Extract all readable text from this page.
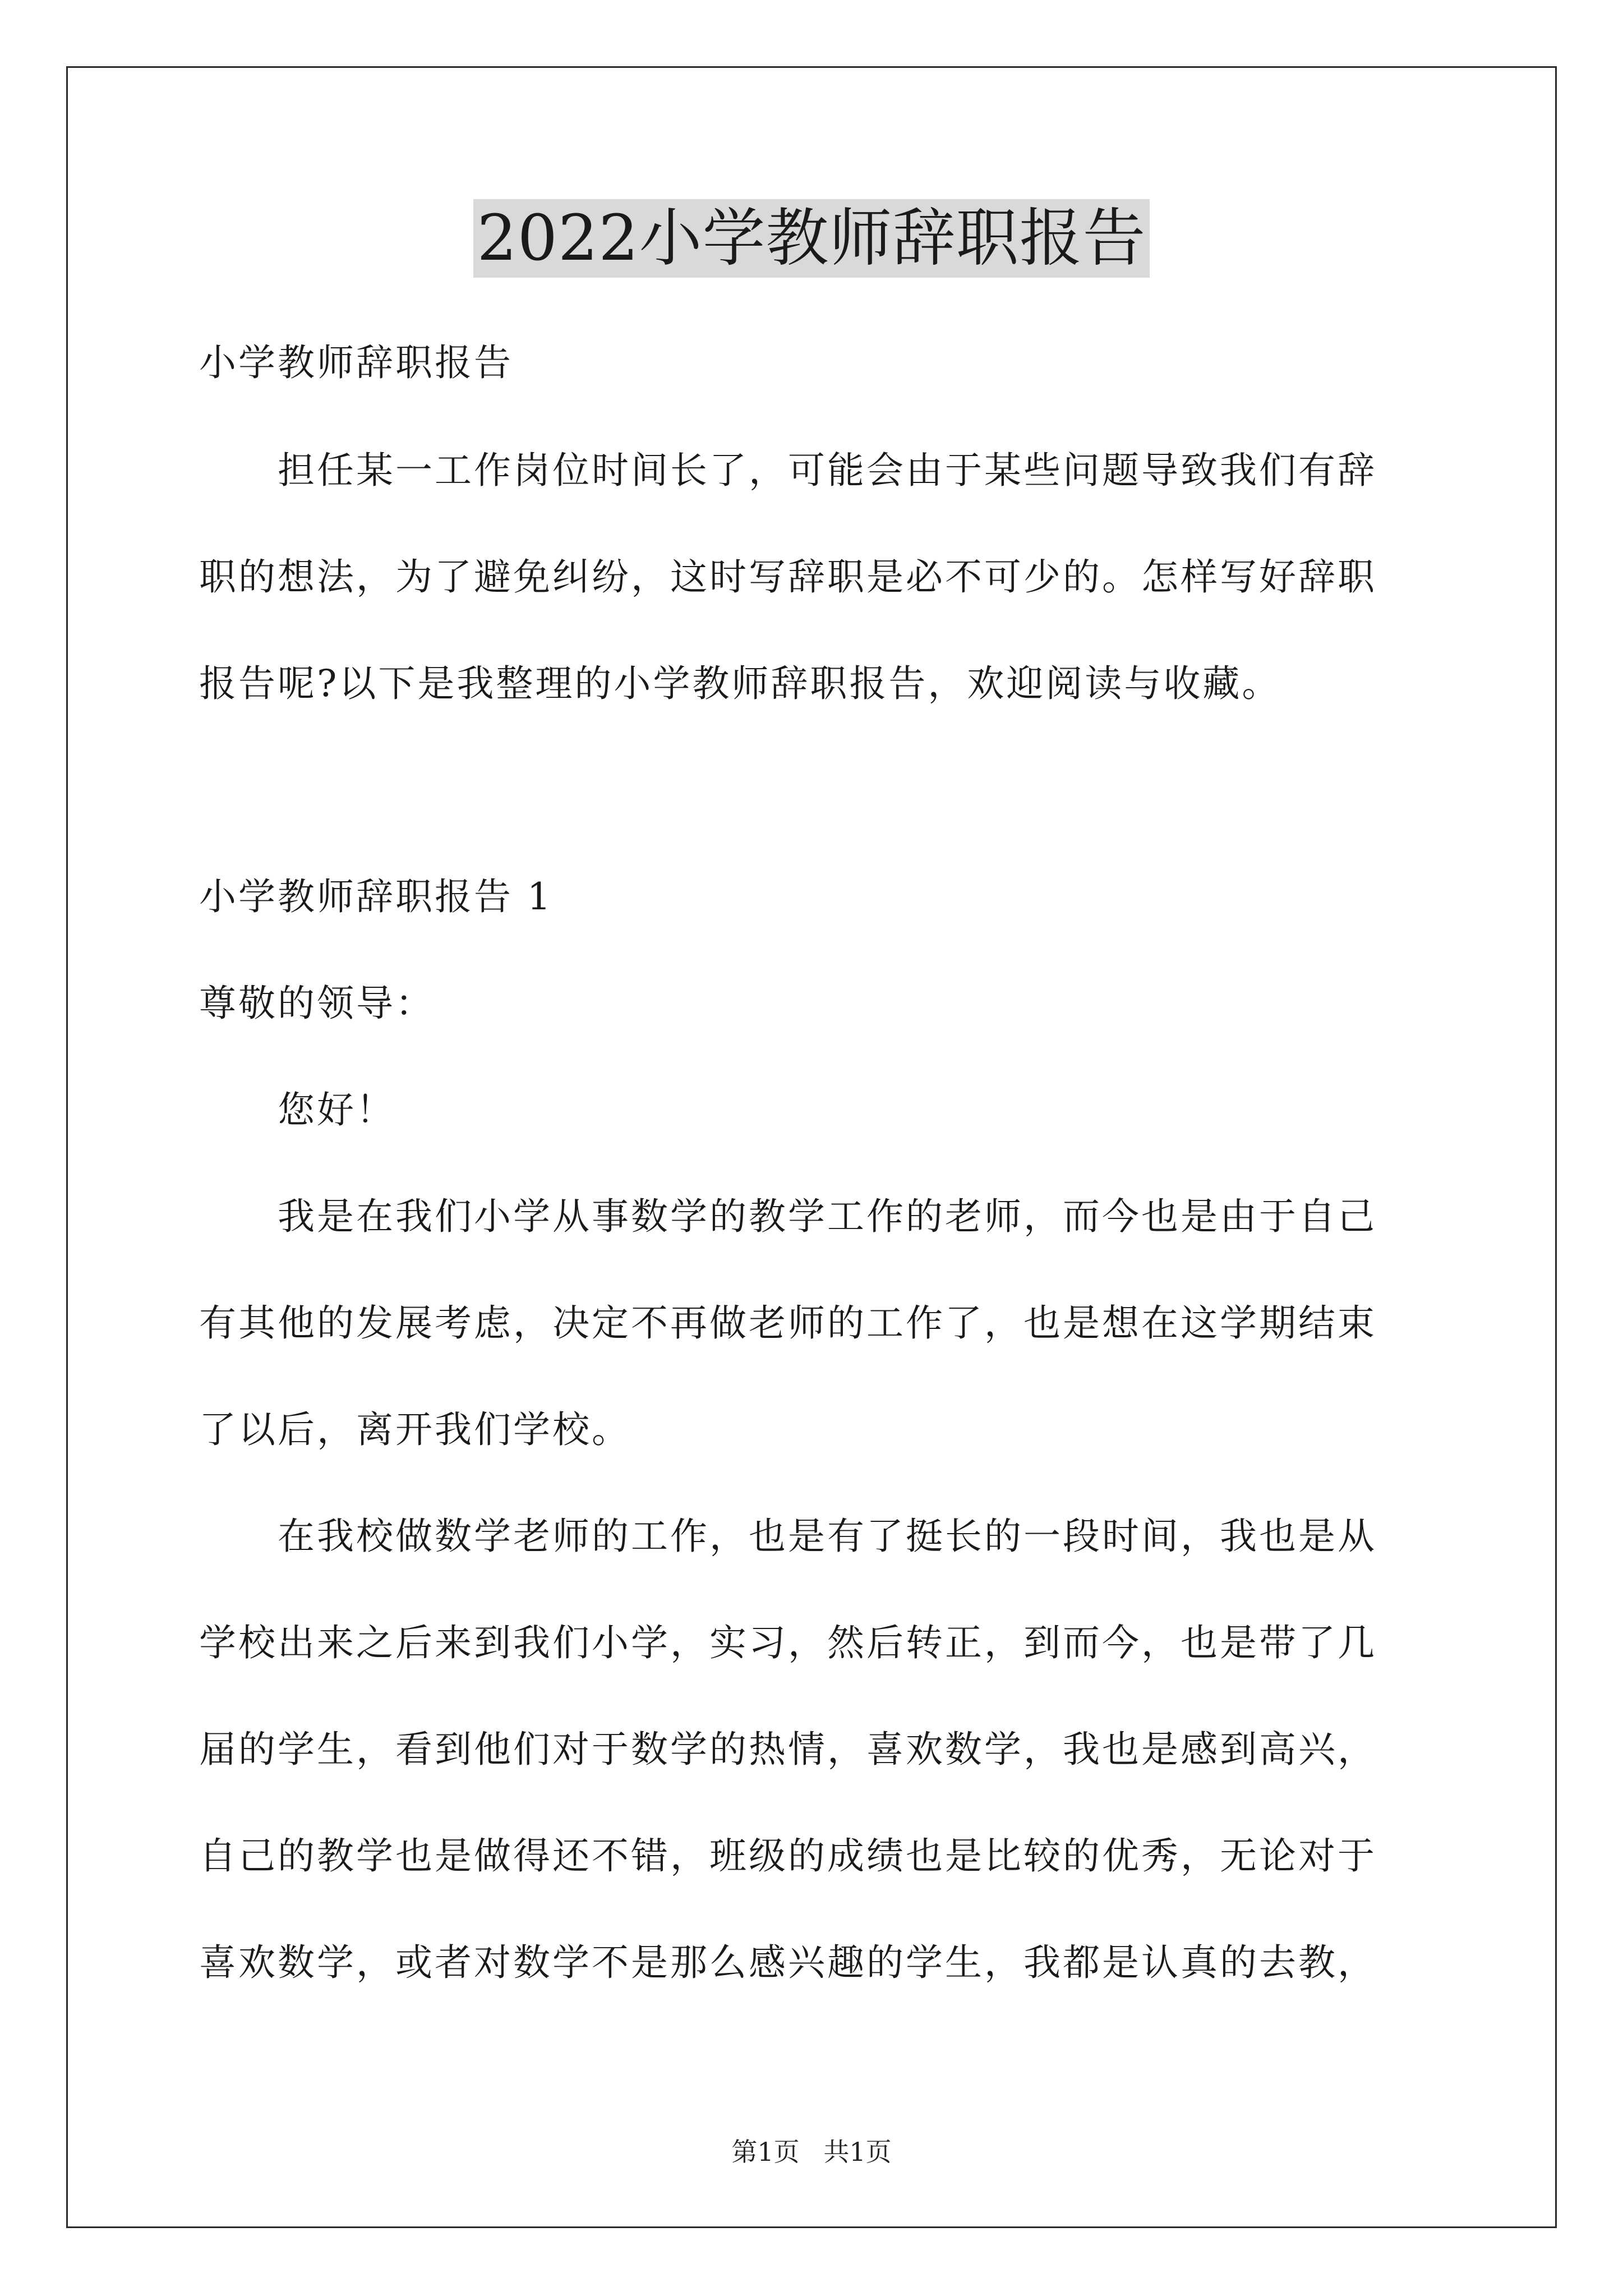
2022小学教师辞职报告
小学教师辞职报告
担任某一工作岗位时间长了，可能会由于某些问题导致我们有辞
职的想法，为了避免纠纷，这时写辞职是必不可少的。怎样写好辞职
报告呢?以下是我整理的小学教师辞职报告，欢迎阅读与收藏。
小学教师辞职报告 1
尊敬的领导：
您好！
我是在我们小学从事数学的教学工作的老师，而今也是由于自己
有其他的发展考虑，决定不再做老师的工作了，也是想在这学期结束
了以后，离开我们学校。
在我校做数学老师的工作，也是有了挺长的一段时间，我也是从
学校出来之后来到我们小学，实习，然后转正，到而今，也是带了几
届的学生，看到他们对于数学的热情，喜欢数学，我也是感到高兴，
自己的教学也是做得还不错，班级的成绩也是比较的优秀，无论对于
喜欢数学，或者对数学不是那么感兴趣的学生，我都是认真的去教，
第1页 共1页
